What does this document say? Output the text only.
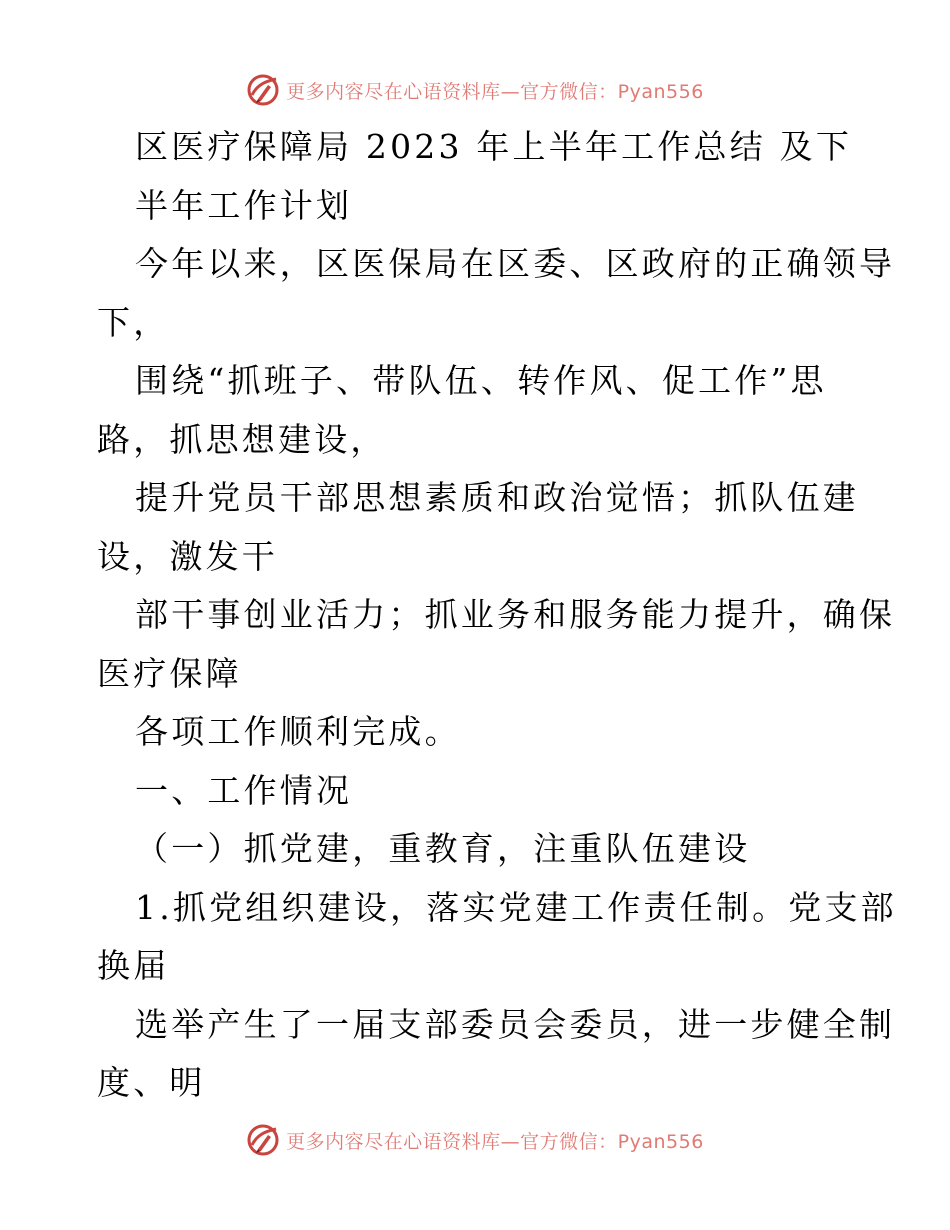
更多内容尽在心语资料库—官方微信：Pyan556
区医疗保障局 2023 年上半年工作总结 及下
半年工作计划
今年以来，区医保局在区委、区政府的正确领导
下，
围绕“抓班子、带队伍、转作风、促工作”思
路，抓思想建设，
提升党员干部思想素质和政治觉悟；抓队伍建
设，激发干
部干事创业活力；抓业务和服务能力提升，确保
医疗保障
各项工作顺利完成。
一、工作情况
（一）抓党建，重教育，注重队伍建设
1.抓党组织建设，落实党建工作责任制。党支部
换届
选举产生了一届支部委员会委员，进一步健全制
度、明
更多内容尽在心语资料库—官方微信：Pyan556
